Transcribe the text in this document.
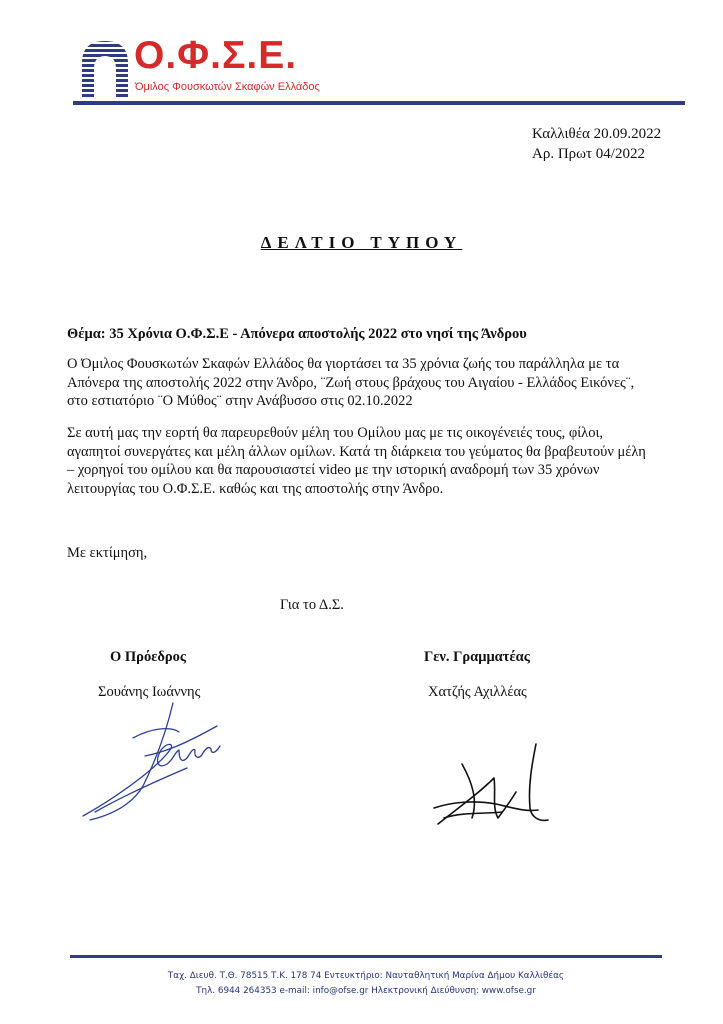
Ο.Φ.Σ.Ε.
Όμιλος Φουσκωτών Σκαφών Ελλάδος
Καλλιθέα 20.09.2022
Αρ. Πρωτ 04/2022
ΔΕΛΤΙΟ ΤΥΠΟΥ
Θέμα: 35 Χρόνια Ο.Φ.Σ.Ε - Απόνερα αποστολής 2022 στο νησί της Άνδρου
Ο Όμιλος Φουσκωτών Σκαφών Ελλάδος θα γιορτάσει τα 35 χρόνια ζωής του παράλληλα με τα
Απόνερα της αποστολής 2022 στην Άνδρο, ¨Ζωή στους βράχους του Αιγαίου - Ελλάδος Εικόνες¨,
στο εστιατόριο ¨Ο Μύθος¨ στην Ανάβυσσο στις 02.10.2022
Σε αυτή μας την εορτή θα παρευρεθούν μέλη του Ομίλου μας με τις οικογένειές τους, φίλοι,
αγαπητοί συνεργάτες και μέλη άλλων ομίλων. Κατά τη διάρκεια του γεύματος θα βραβευτούν μέλη
– χορηγοί του ομίλου και θα παρουσιαστεί video με την ιστορική αναδρομή των 35 χρόνων
λειτουργίας του Ο.Φ.Σ.Ε. καθώς και της αποστολής στην Άνδρο.
Με εκτίμηση,
Για το Δ.Σ.
Ο Πρόεδρος	Γεν. Γραμματέας
Σουάνης Ιωάννης	Χατζής Αχιλλέας
Ταχ. Διευθ. Τ.Θ. 78515 Τ.Κ. 178 74 Εντευκτήριο: Ναυταθλητική Μαρίνα Δήμου Καλλιθέας
Τηλ. 6944 264353 e-mail: info@ofse.gr Ηλεκτρονική Διεύθυνση: www.ofse.gr
